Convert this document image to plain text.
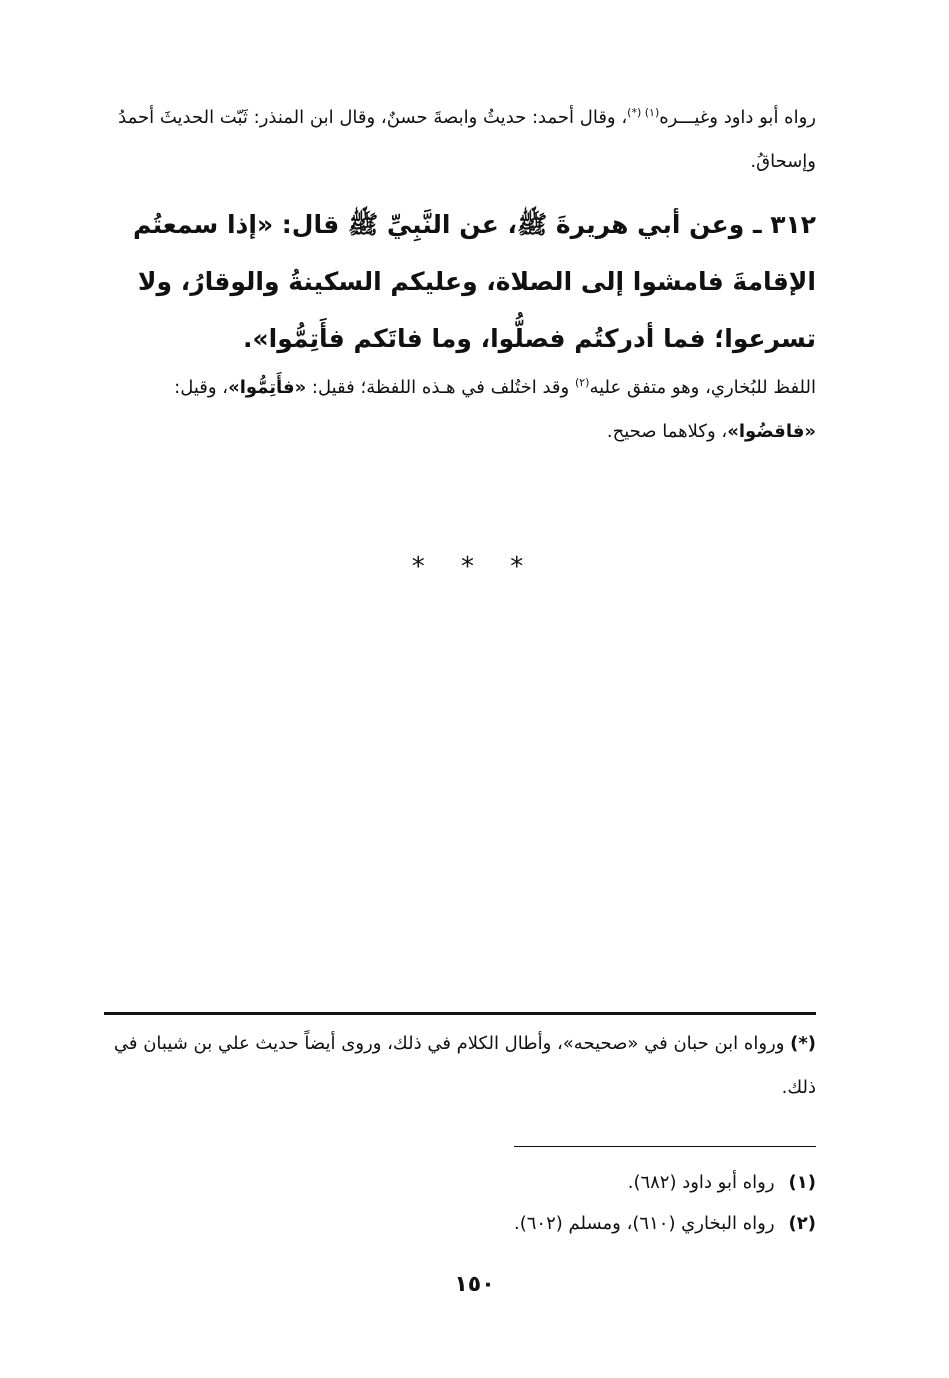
رواه أبو داود وغيـــره$^{(١) (*)}$، وقال أحمد: حديثُ وابصةَ حسنٌ، وقال ابن المنذر: ثَبّت الحديثَ أحمدُ وإسحاقُ.
٣١٢ ـ وعن أبي هريرةَ ﷺ، عن النَّبِيِّ ﷺ قال: «إذا سمعتُم الإقامةَ فامشوا إلى الصلاة، وعليكم السكينةُ والوقارُ، ولا تسرعوا؛ فما أدركتُم فصلُّوا، وما فاتَكم فأَتِمُّوا».
اللفظ للبُخاري، وهو متفق عليه$^{(٢)}$ وقد اختُلف في هـذه اللفظة؛ فقيل: «فأَتِمُّوا»، وقيل: «فاقضُوا»، وكلاهما صحيح.
* * *
(*) ورواه ابن حبان في «صحيحه»، وأطال الكلام في ذلك، وروى أيضاً حديث علي بن شيبان في ذلك.
(١)رواه أبو داود (٦٨٢).
(٢)رواه البخاري (٦١٠)، ومسلم (٦٠٢).
١٥٠
